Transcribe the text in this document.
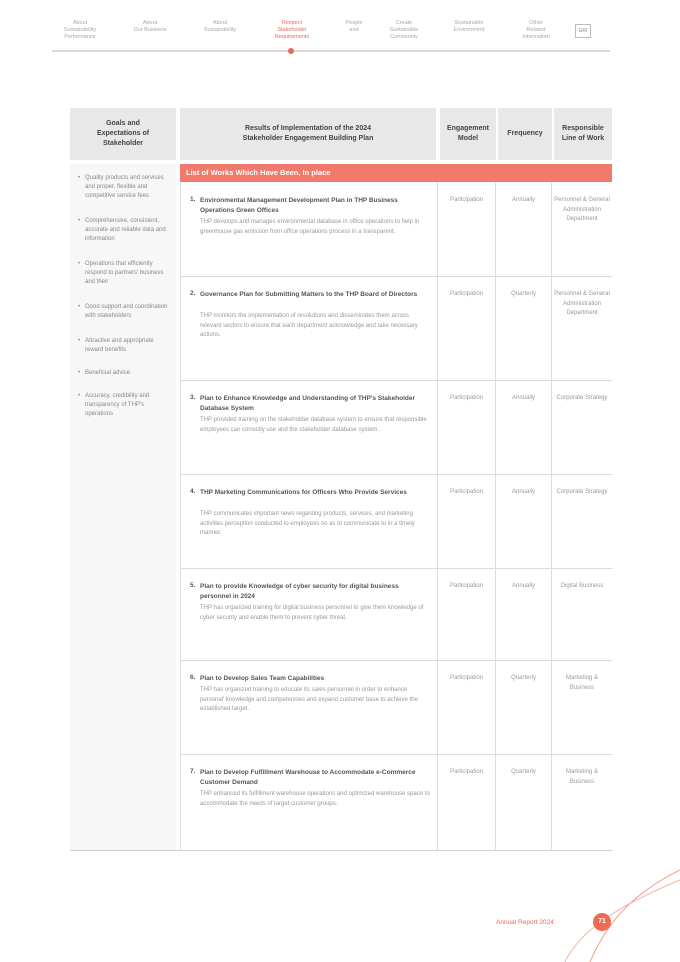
About
Sustainability
Performance
About
Our Business
About
Sustainability
Respect
Stakeholder
Requirements
People
and
Create
Sustainable
Community
Sustainable
Environment
Other
Related
Information
GRI
Goals and
Expectations of
Stakeholder
Results of Implementation of the 2024
Stakeholder Engagement Building Plan
Engagement
Model
Frequency
Responsible
Line of Work
• Quality products and services and proper, flexible and competitive service fees
• Comprehensive, consistent, accurate and reliable data and information
• Operations that efficiently respond to partners' business and their
• Good support and coordination with stakeholders
• Attractive and appropriate reward benefits
• Beneficial advice
• Accuracy, credibility and transparency of THP's operations
List of Works Which Have Been, In place
1. Environmental Management Development Plan in THP Business Operations Green Offices
THP develops and manages environmental database in office operations to help in greenhouse gas emission from office operations process in a transparent.
Participation	Annually	Personnel & General Administration Department
2. Governance Plan for Submitting Matters to the THP Board of Directors
THP monitors the implementation of resolutions and disseminates them across relevant sectors to ensure that each department acknowledge and take necessary actions.
Participation	Quarterly	Personnel & General Administration Department
3. Plan to Enhance Knowledge and Understanding of THP's Stakeholder Database System
THP provided training on the stakeholder database system to ensure that responsible employees can correctly use and the stakeholder database system.
Participation	Annually	Corporate Strategy
4. THP Marketing Communications for Officers Who Provide Services
THP communicates important news regarding products, services, and marketing activities perception conducted to employees so as to communicate to in a timely manner.
Participation	Annually	Corporate Strategy
5. Plan to provide Knowledge of cyber security for digital business personnel in 2024
THP has organized training for digital business personnel to give them knowledge of cyber security and enable them to prevent cyber threat.
Participation	Annually	Digital Business
6. Plan to Develop Sales Team Capabilities
THP has organized training to educate its sales personnel in order to enhance personal' knowledge and competencies and expand customer base to achieve the established target.
Participation	Quarterly	Marketing & Business
7. Plan to Develop Fulfillment Warehouse to Accommodate e-Commerce Customer Demand
THP enhanced its fulfillment warehouse operations and optimized warehouse space to accommodate the needs of target customer groups.
Participation	Quarterly	Marketing & Business
Annual Report 2024	71
